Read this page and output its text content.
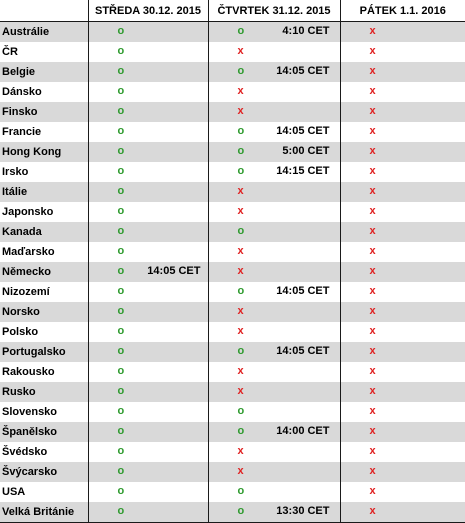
	STŘEDA 30.12. 2015	ČTVRTEK 31.12. 2015	PÁTEK 1.1. 2016
Austrálie	o	o 4:10 CET	x

ČR	o	x	x

Belgie	o	o 14:05 CET	x

Dánsko	o	x	x

Finsko	o	x	x

Francie	o	o 14:05 CET	x

Hong Kong	o	o 5:00 CET	x

Irsko	o	o 14:15 CET	x

Itálie	o	x	x

Japonsko	o	x	x

Kanada	o	o	x

Maďarsko	o	x	x

Německo	o 14:05 CET	x	x

Nizozemí	o	o 14:05 CET	x

Norsko	o	x	x

Polsko	o	x	x

Portugalsko	o	o 14:05 CET	x

Rakousko	o	x	x

Rusko	o	x	x

Slovensko	o	o	x

Španělsko	o	o 14:00 CET	x

Švédsko	o	x	x

Švýcarsko	o	x	x

USA	o	o	x

Velká Británie	o	o 13:30 CET	x
